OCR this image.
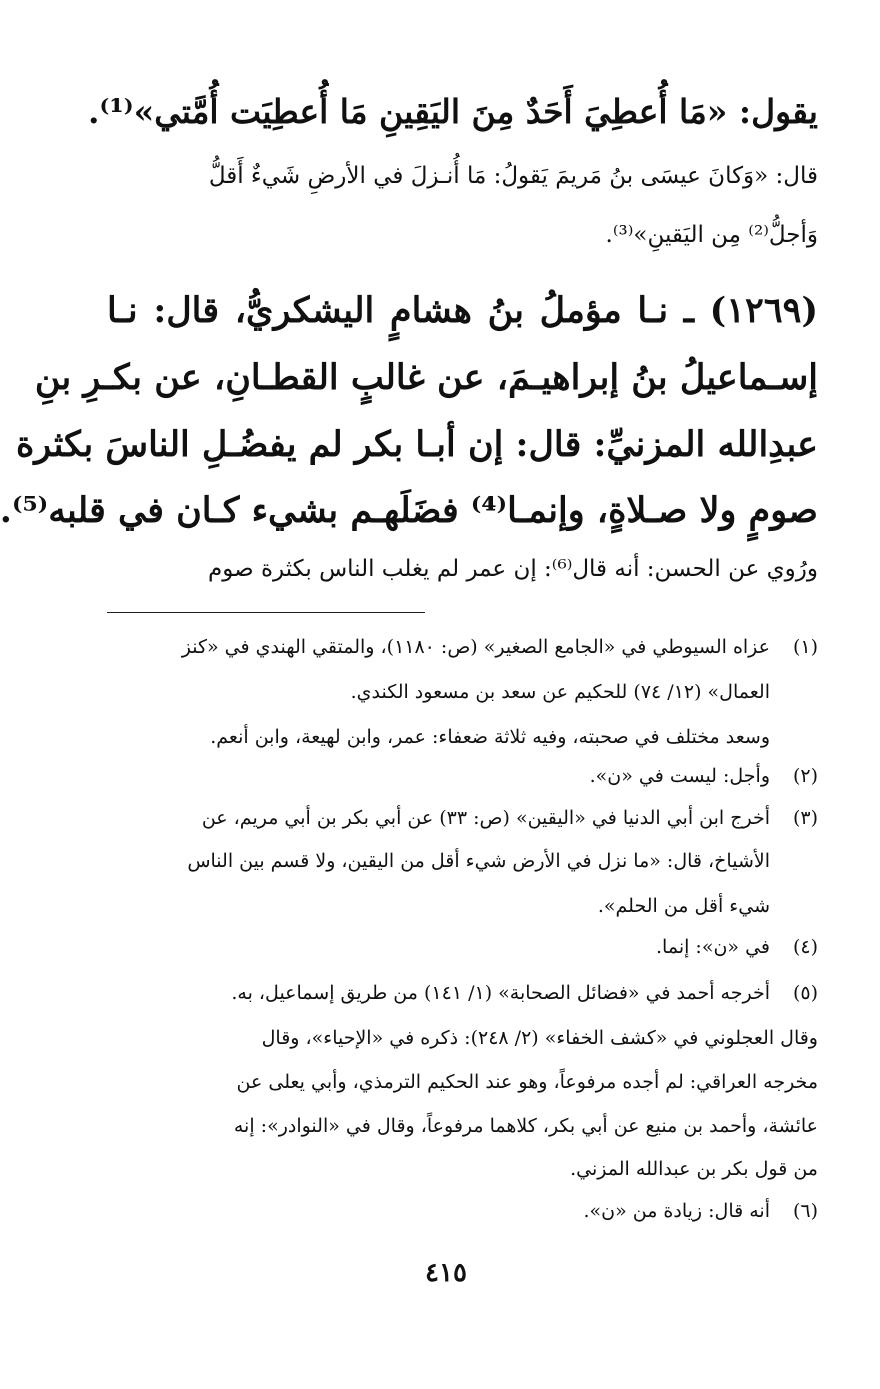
يقول: «مَا أُعطِيَ أَحَدٌ مِنَ اليَقِينِ مَا أُعطِيَت أُمَّتي»⁽¹⁾.
قال: «وَكانَ عيسَى بنُ مَريمَ يَقولُ: مَا أُنـزلَ في الأرضِ شَيءٌ أَقلُّ
وَأجلُّ⁽²⁾ مِن اليَقينِ»⁽³⁾.
(١٢٦٩) ـ نـا مؤملُ بنُ هشامٍ اليشكريُّ، قال: نـا
إسـماعيلُ بنُ إبراهيـمَ، عن غالبٍ القطـانِ، عن بكـرِ بنِ
عبدِالله المزنيِّ: قال: إن أبـا بكر لم يفضُـلِ الناسَ بكثرة
صومٍ ولا صـلاةٍ، وإنمـا⁽⁴⁾ فضَلَهـم بشيء كـان في قلبه⁽⁵⁾.
ورُوي عن الحسن: أنه قال⁽⁶⁾: إن عمر لم يغلب الناس بكثرة صوم
(١)
عزاه السيوطي في «الجامع الصغير» (ص: ١١٨٠)، والمتقي الهندي في «كنز
العمال» (١٢/ ٧٤) للحكيم عن سعد بن مسعود الكندي.
وسعد مختلف في صحبته، وفيه ثلاثة ضعفاء: عمر، وابن لهيعة، وابن أنعم.
(٢)
وأجل: ليست في «ن».
(٣)
أخرج ابن أبي الدنيا في «اليقين» (ص: ٣٣) عن أبي بكر بن أبي مريم، عن
الأشياخ، قال: «ما نزل في الأرض شيء أقل من اليقين، ولا قسم بين الناس
شيء أقل من الحلم».
(٤)
في «ن»: إنما.
(٥)
أخرجه أحمد في «فضائل الصحابة» (١/ ١٤١) من طريق إسماعيل، به.
وقال العجلوني في «كشف الخفاء» (٢/ ٢٤٨): ذكره في «الإحياء»، وقال
مخرجه العراقي: لم أجده مرفوعاً، وهو عند الحكيم الترمذي، وأبي يعلى عن
عائشة، وأحمد بن منيع عن أبي بكر، كلاهما مرفوعاً، وقال في «النوادر»: إنه
من قول بكر بن عبدالله المزني.
(٦)
أنه قال: زيادة من «ن».
٤١٥
